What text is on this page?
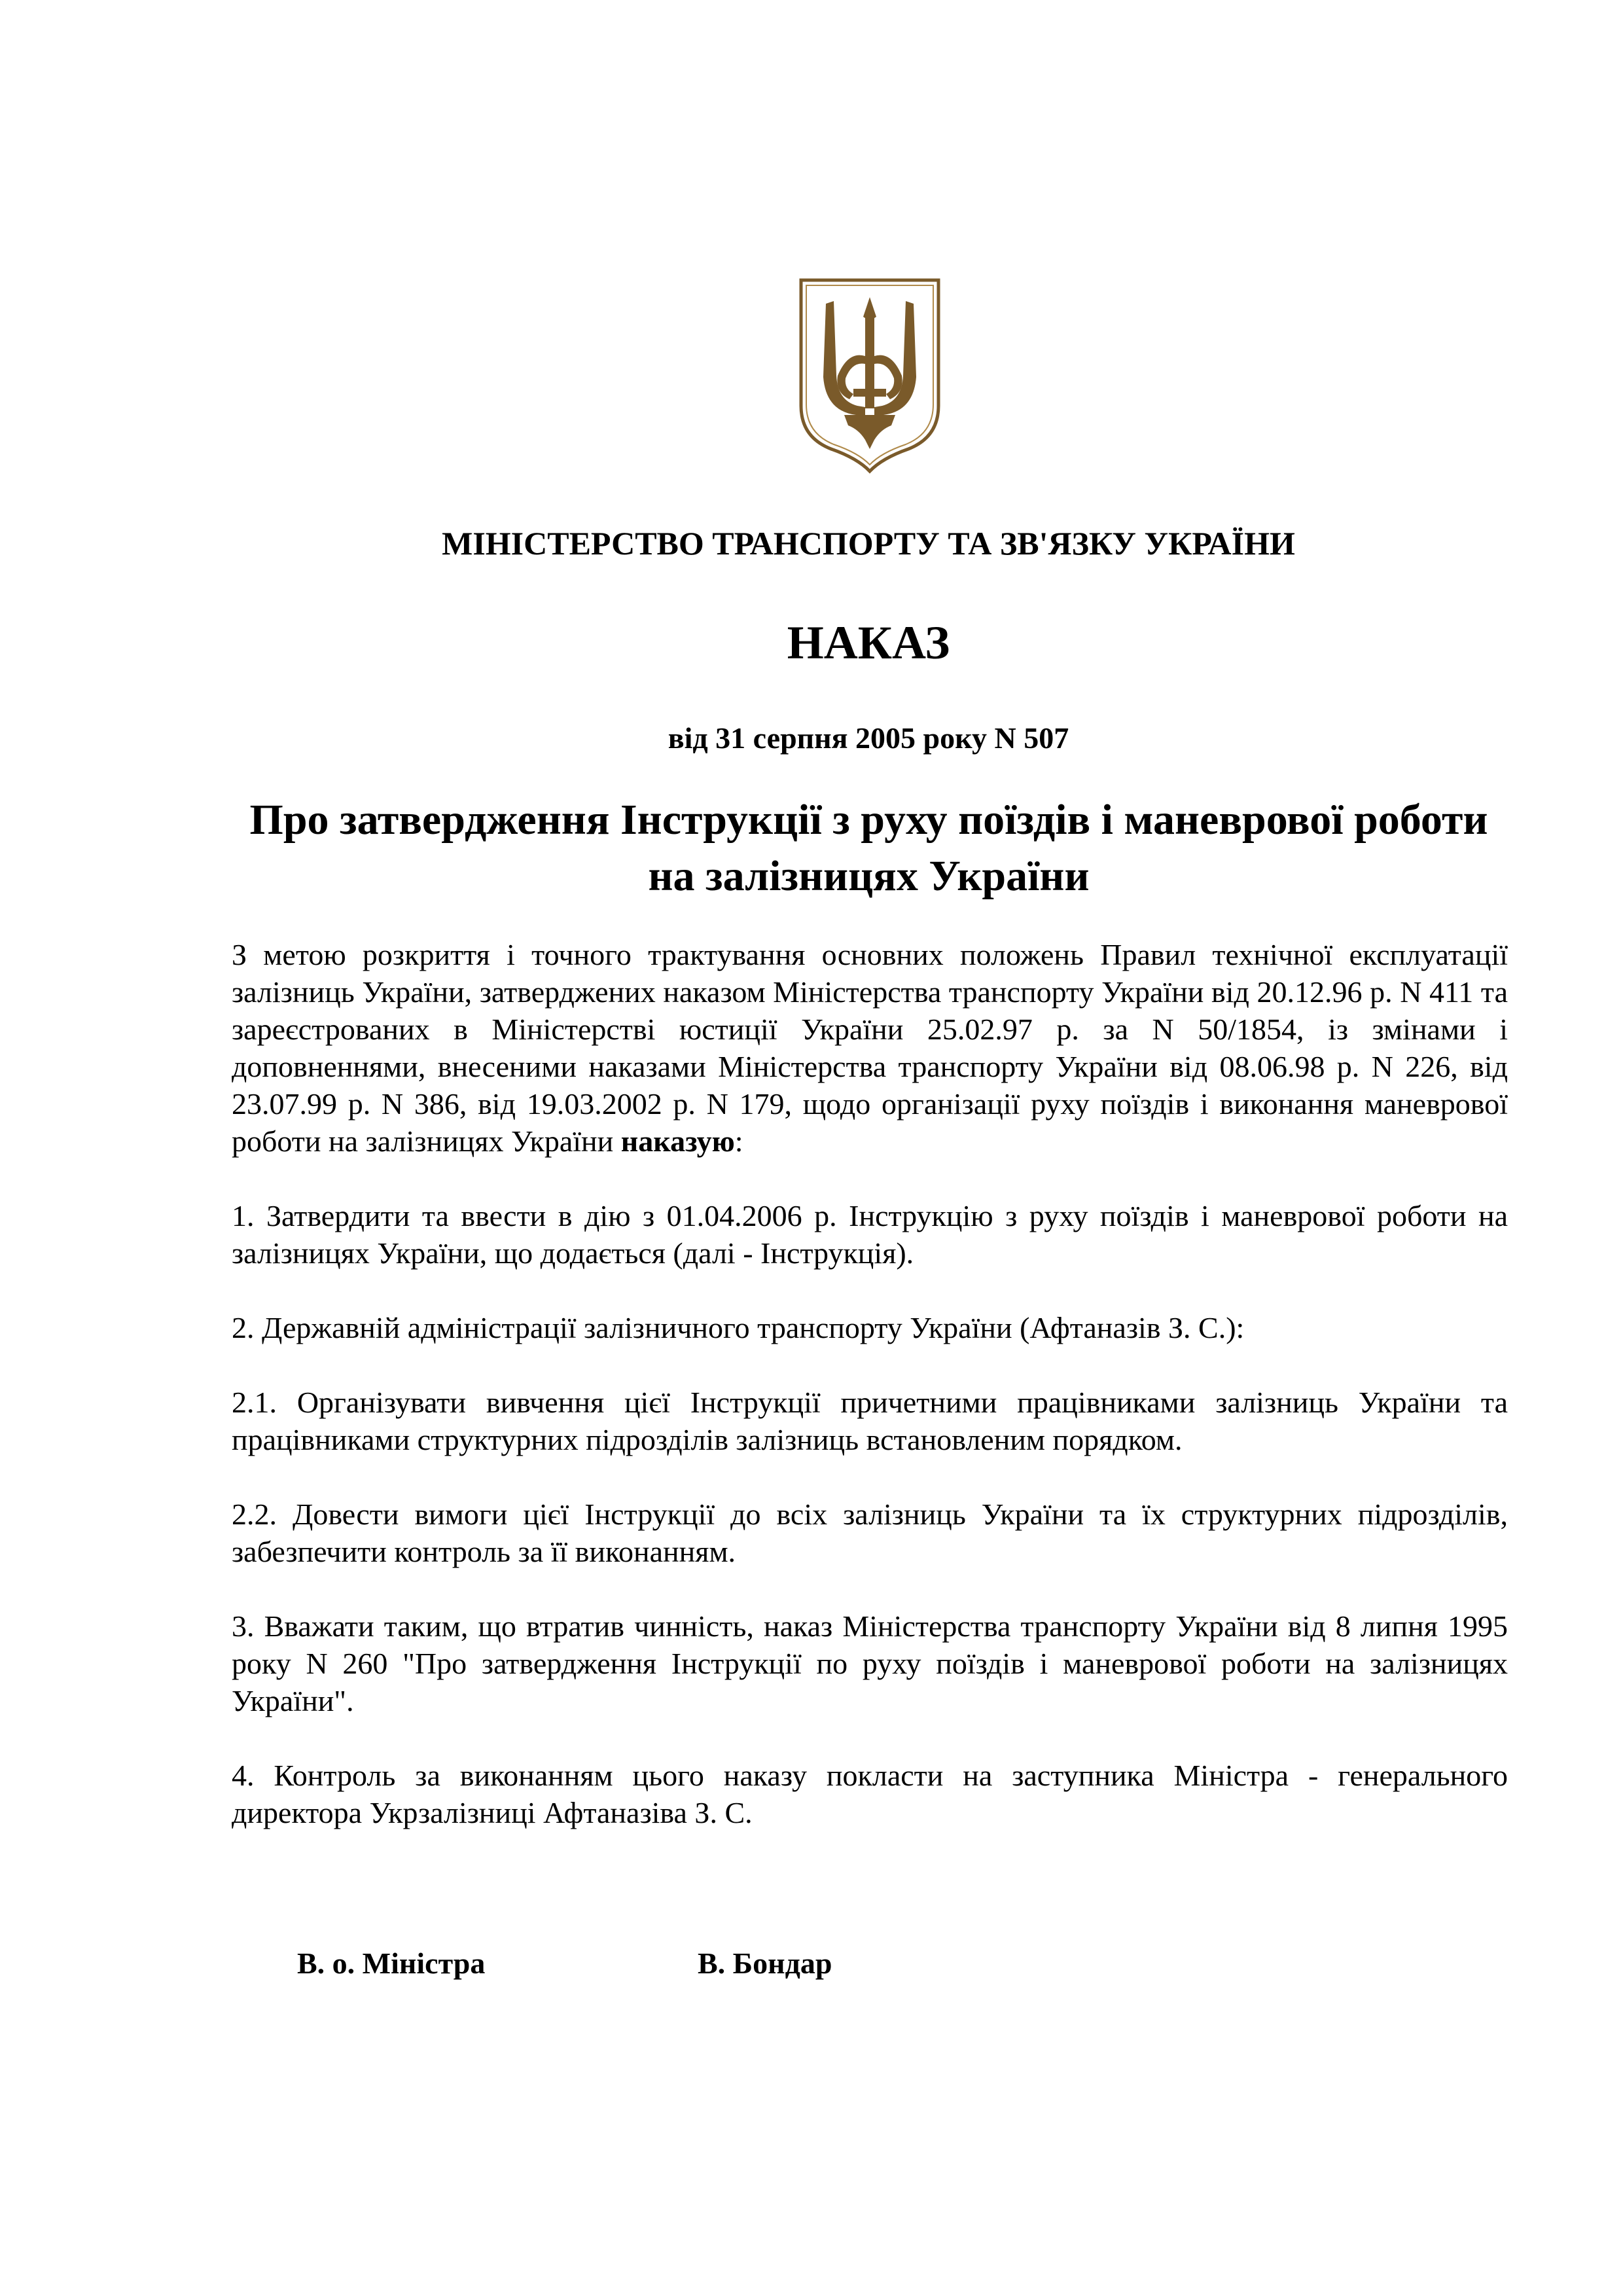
МІНІСТЕРСТВО ТРАНСПОРТУ ТА ЗВ'ЯЗКУ УКРАЇНИ
НАКАЗ
від 31 серпня 2005 року N 507
Про затвердження Інструкції з руху поїздів і маневрової роботи на залізницях України

З метою розкриття і точного трактування основних положень Правил технічної експлуатації залізниць України, затверджених наказом Міністерства транспорту України від 20.12.96 р. N 411 та зареєстрованих в Міністерстві юстиції України 25.02.97 р. за N 50/1854, із змінами і доповненнями, внесеними наказами Міністерства транспорту України від 08.06.98 р. N 226, від 23.07.99 р. N 386, від 19.03.2002 р. N 179, щодо організації руху поїздів і виконання маневрової роботи на залізницях України наказую:

1. Затвердити та ввести в дію з 01.04.2006 р. Інструкцію з руху поїздів і маневрової роботи на залізницях України, що додається (далі - Інструкція).

2. Державній адміністрації залізничного транспорту України (Афтаназів З. С.):

2.1. Організувати вивчення цієї Інструкції причетними працівниками залізниць України та працівниками структурних підрозділів залізниць встановленим порядком.

2.2. Довести вимоги цієї Інструкції до всіх залізниць України та їх структурних підрозділів, забезпечити контроль за її виконанням.

3. Вважати таким, що втратив чинність, наказ Міністерства транспорту України від 8 липня 1995 року N 260 "Про затвердження Інструкції по руху поїздів і маневрової роботи на залізницях України".

4. Контроль за виконанням цього наказу покласти на заступника Міністра - генерального директора Укрзалізниці Афтаназіва З. С.

В. о. Міністра	В. Бондар
